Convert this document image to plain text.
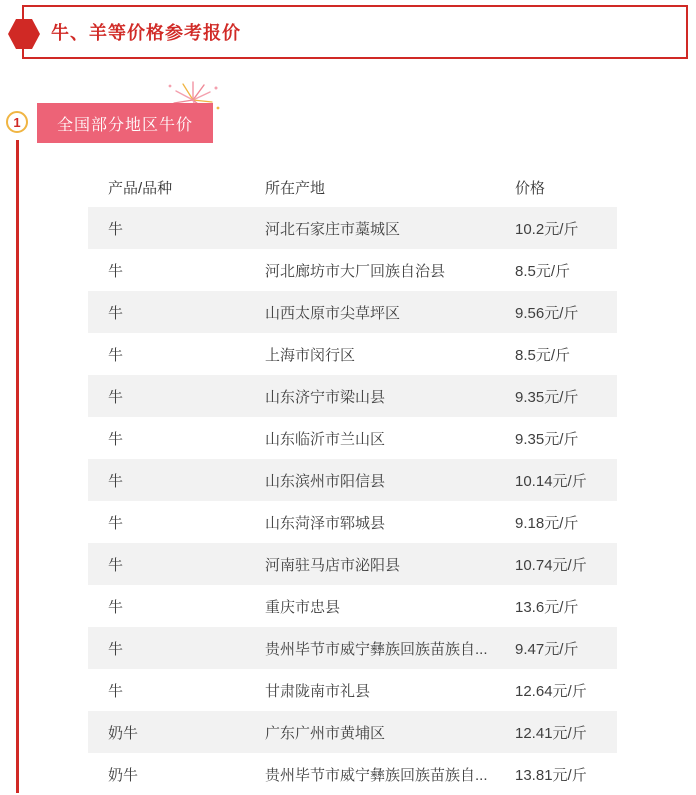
牛、羊等价格参考报价
1 全国部分地区牛价
产品/品种	所在产地	价格
牛	河北石家庄市藁城区	10.2元/斤
牛	河北廊坊市大厂回族自治县	8.5元/斤
牛	山西太原市尖草坪区	9.56元/斤
牛	上海市闵行区	8.5元/斤
牛	山东济宁市梁山县	9.35元/斤
牛	山东临沂市兰山区	9.35元/斤
牛	山东滨州市阳信县	10.14元/斤
牛	山东菏泽市郓城县	9.18元/斤
牛	河南驻马店市泌阳县	10.74元/斤
牛	重庆市忠县	13.6元/斤
牛	贵州毕节市威宁彝族回族苗族自...	9.47元/斤
牛	甘肃陇南市礼县	12.64元/斤
奶牛	广东广州市黄埔区	12.41元/斤
奶牛	贵州毕节市威宁彝族回族苗族自...	13.81元/斤
